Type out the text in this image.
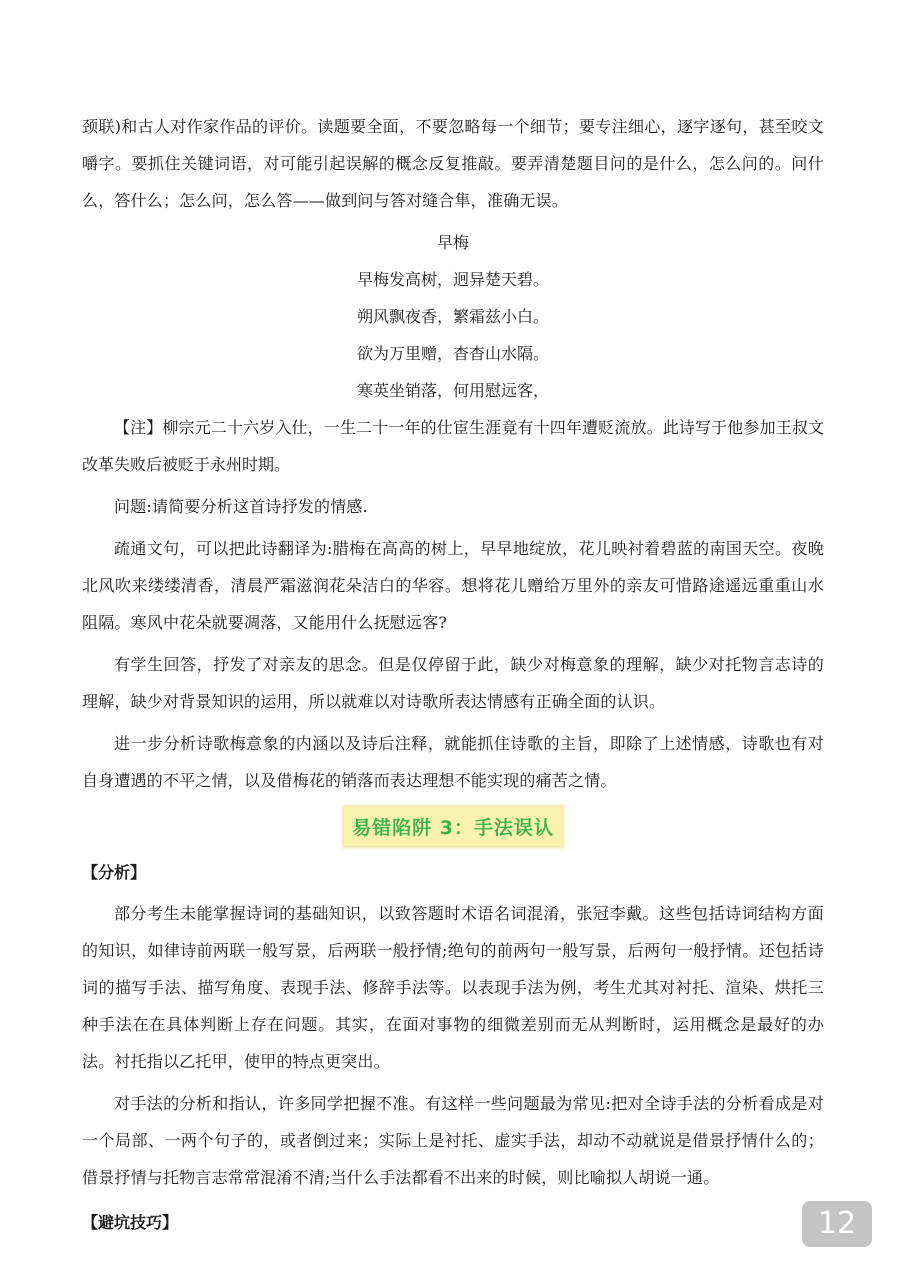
颈联)和古人对作家作品的评价。读题要全面，不要忽略每一个细节；要专注细心，逐字逐句，甚至咬文嚼字。要抓住关键词语，对可能引起误解的概念反复推敲。要弄清楚题目问的是什么，怎么问的。问什么，答什么；怎么问，怎么答——做到问与答对缝合隼，准确无误。

早梅

早梅发高树，迥异楚天碧。

朔风飘夜香，繁霜兹小白。

欲为万里赠，杳杳山水隔。

寒英坐销落，何用慰远客，

【注】柳宗元二十六岁入仕，一生二十一年的仕宦生涯竟有十四年遭贬流放。此诗写于他参加王叔文改革失败后被贬于永州时期。

问题:请简要分析这首诗抒发的情感.

疏通文句，可以把此诗翻译为:腊梅在高高的树上，早早地绽放，花儿映衬着碧蓝的南国天空。夜晚北风吹来缕缕清香，清晨严霜滋润花朵洁白的华容。想将花儿赠给万里外的亲友可惜路途遥远重重山水阻隔。寒风中花朵就要凋落，又能用什么抚慰远客?

有学生回答，抒发了对亲友的思念。但是仅停留于此，缺少对梅意象的理解，缺少对托物言志诗的理解，缺少对背景知识的运用，所以就难以对诗歌所表达情感有正确全面的认识。

进一步分析诗歌梅意象的内涵以及诗后注释，就能抓住诗歌的主旨，即除了上述情感，诗歌也有对自身遭遇的不平之情，以及借梅花的销落而表达理想不能实现的痛苦之情。

易错陷阱 3：手法误认

【分析】

部分考生未能掌握诗词的基础知识，以致答题时术语名词混淆，张冠李戴。这些包括诗词结构方面的知识，如律诗前两联一般写景，后两联一般抒情;绝句的前两句一般写景，后两句一般抒情。还包括诗词的描写手法、描写角度、表现手法、修辞手法等。以表现手法为例，考生尤其对衬托、渲染、烘托三种手法在在具体判断上存在问题。其实，在面对事物的细微差别而无从判断时，运用概念是最好的办法。衬托指以乙托甲，使甲的特点更突出。

对手法的分析和指认，许多同学把握不准。有这样一些问题最为常见:把对全诗手法的分析看成是对一个局部、一两个句子的，或者倒过来；实际上是衬托、虚实手法，却动不动就说是借景抒情什么的；借景抒情与托物言志常常混淆不清;当什么手法都看不出来的时候，则比喻拟人胡说一通。

【避坑技巧】	12
